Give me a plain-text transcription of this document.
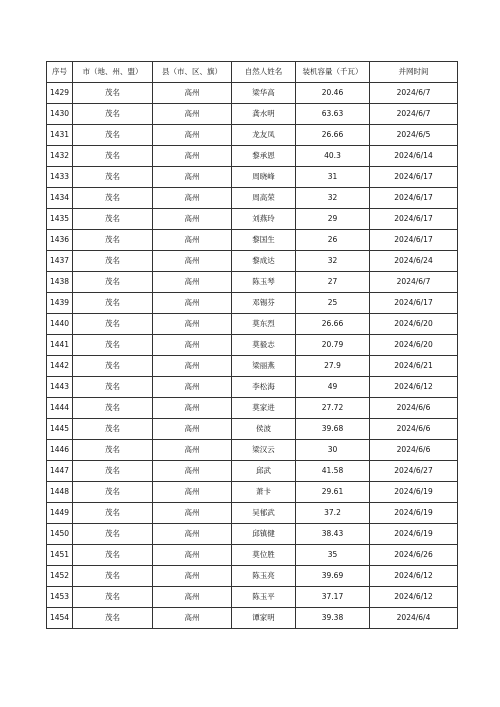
序号	市（地、州、盟）	县（市、区、旗）	自然人姓名	装机容量（千瓦）	并网时间
1429	茂名	高州	梁华高	20.46	2024/6/7
1430	茂名	高州	龚水明	63.63	2024/6/7
1431	茂名	高州	龙友凤	26.66	2024/6/5
1432	茂名	高州	黎承恩	40.3	2024/6/14
1433	茂名	高州	周晓峰	31	2024/6/17
1434	茂名	高州	周高荣	32	2024/6/17
1435	茂名	高州	刘燕玲	29	2024/6/17
1436	茂名	高州	黎国生	26	2024/6/17
1437	茂名	高州	黎成达	32	2024/6/24
1438	茂名	高州	陈玉琴	27	2024/6/7
1439	茂名	高州	邓锡芬	25	2024/6/17
1440	茂名	高州	莫东烈	26.66	2024/6/20
1441	茂名	高州	莫毅志	20.79	2024/6/20
1442	茂名	高州	梁丽燕	27.9	2024/6/21
1443	茂名	高州	李松海	49	2024/6/12
1444	茂名	高州	莫家进	27.72	2024/6/6
1445	茂名	高州	侯波	39.68	2024/6/6
1446	茂名	高州	梁汉云	30	2024/6/6
1447	茂名	高州	邱武	41.58	2024/6/27
1448	茂名	高州	萧卡	29.61	2024/6/19
1449	茂名	高州	吴郁武	37.2	2024/6/19
1450	茂名	高州	邱镇健	38.43	2024/6/19
1451	茂名	高州	莫位胜	35	2024/6/26
1452	茂名	高州	陈玉亮	39.69	2024/6/12
1453	茂名	高州	陈玉平	37.17	2024/6/12
1454	茂名	高州	谭家明	39.38	2024/6/4
